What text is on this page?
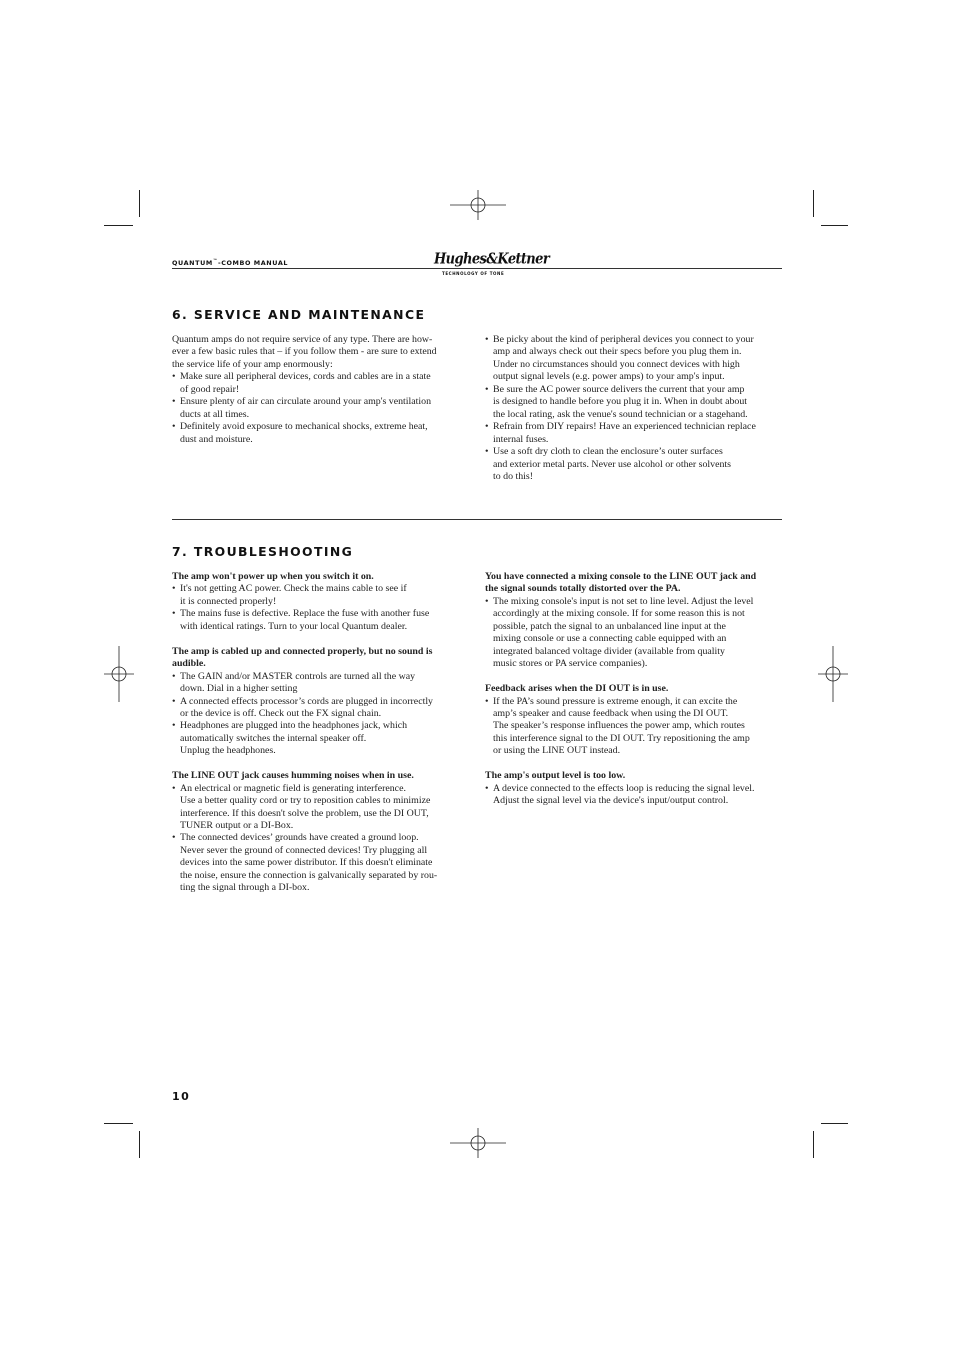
QUANTUM™-COMBO MANUAL	Hughes&Kettner
TECHNOLOGY OF TONE
6. SERVICE AND MAINTENANCE

Quantum amps do not require service of any type. There are how-

ever a few basic rules that – if you follow them - are sure to extend

the service life of your amp enormously:

• Make sure all peripheral devices, cords and cables are in a state

of good repair!

• Ensure plenty of air can circulate around your amp's ventilation

ducts at all times.

• Definitely avoid exposure to mechanical shocks, extreme heat,

dust and moisture.

• Be picky about the kind of peripheral devices you connect to your

amp and always check out their specs before you plug them in.

Under no circumstances should you connect devices with high

output signal levels (e.g. power amps) to your amp's input.

• Be sure the AC power source delivers the current that your amp

is designed to handle before you plug it in. When in doubt about

the local rating, ask the venue's sound technician or a stagehand.

• Refrain from DIY repairs! Have an experienced technician replace

internal fuses.

• Use a soft dry cloth to clean the enclosure’s outer surfaces

and exterior metal parts. Never use alcohol or other solvents

to do this!

7. TROUBLESHOOTING

The amp won't power up when you switch it on.

• It's not getting AC power. Check the mains cable to see if

it is connected properly!

• The mains fuse is defective. Replace the fuse with another fuse

with identical ratings. Turn to your local Quantum dealer.

The amp is cabled up and connected properly, but no sound is

audible.

• The GAIN and/or MASTER controls are turned all the way

down. Dial in a higher setting

• A connected effects processor’s cords are plugged in incorrectly

or the device is off. Check out the FX signal chain.

• Headphones are plugged into the headphones jack, which

automatically switches the internal speaker off.

Unplug the headphones.

The LINE OUT jack causes humming noises when in use.

• An electrical or magnetic field is generating interference.

Use a better quality cord or try to reposition cables to minimize

interference. If this doesn't solve the problem, use the DI OUT,

TUNER output or a DI-Box.

• The connected devices’ grounds have created a ground loop.

Never sever the ground of connected devices! Try plugging all

devices into the same power distributor. If this doesn't eliminate

the noise, ensure the connection is galvanically separated by rou-

ting the signal through a DI-box.

You have connected a mixing console to the LINE OUT jack and

the signal sounds totally distorted over the PA.

• The mixing console's input is not set to line level. Adjust the level

accordingly at the mixing console. If for some reason this is not

possible, patch the signal to an unbalanced line input at the

mixing console or use a connecting cable equipped with an

integrated balanced voltage divider (available from quality

music stores or PA service companies).

Feedback arises when the DI OUT is in use.

• If the PA’s sound pressure is extreme enough, it can excite the

amp’s speaker and cause feedback when using the DI OUT.

The speaker’s response influences the power amp, which routes

this interference signal to the DI OUT. Try repositioning the amp

or using the LINE OUT instead.

The amp's output level is too low.

• A device connected to the effects loop is reducing the signal level.

Adjust the signal level via the device's input/output control.

10
